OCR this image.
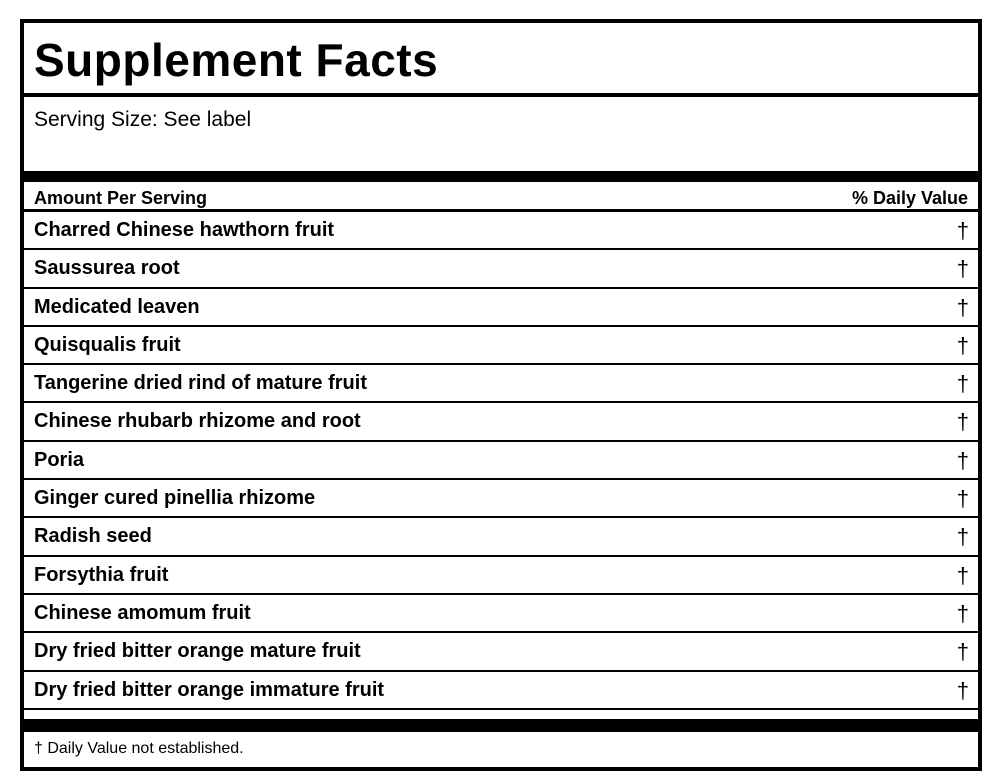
Supplement Facts
Serving Size: See label
Amount Per Serving	% Daily Value
Charred Chinese hawthorn fruit	†
Saussurea root	†
Medicated leaven	†
Quisqualis fruit	†
Tangerine dried rind of mature fruit	†
Chinese rhubarb rhizome and root	†
Poria	†
Ginger cured pinellia rhizome	†
Radish seed	†
Forsythia fruit	†
Chinese amomum fruit	†
Dry fried bitter orange mature fruit	†
Dry fried bitter orange immature fruit	†
† Daily Value not established.
